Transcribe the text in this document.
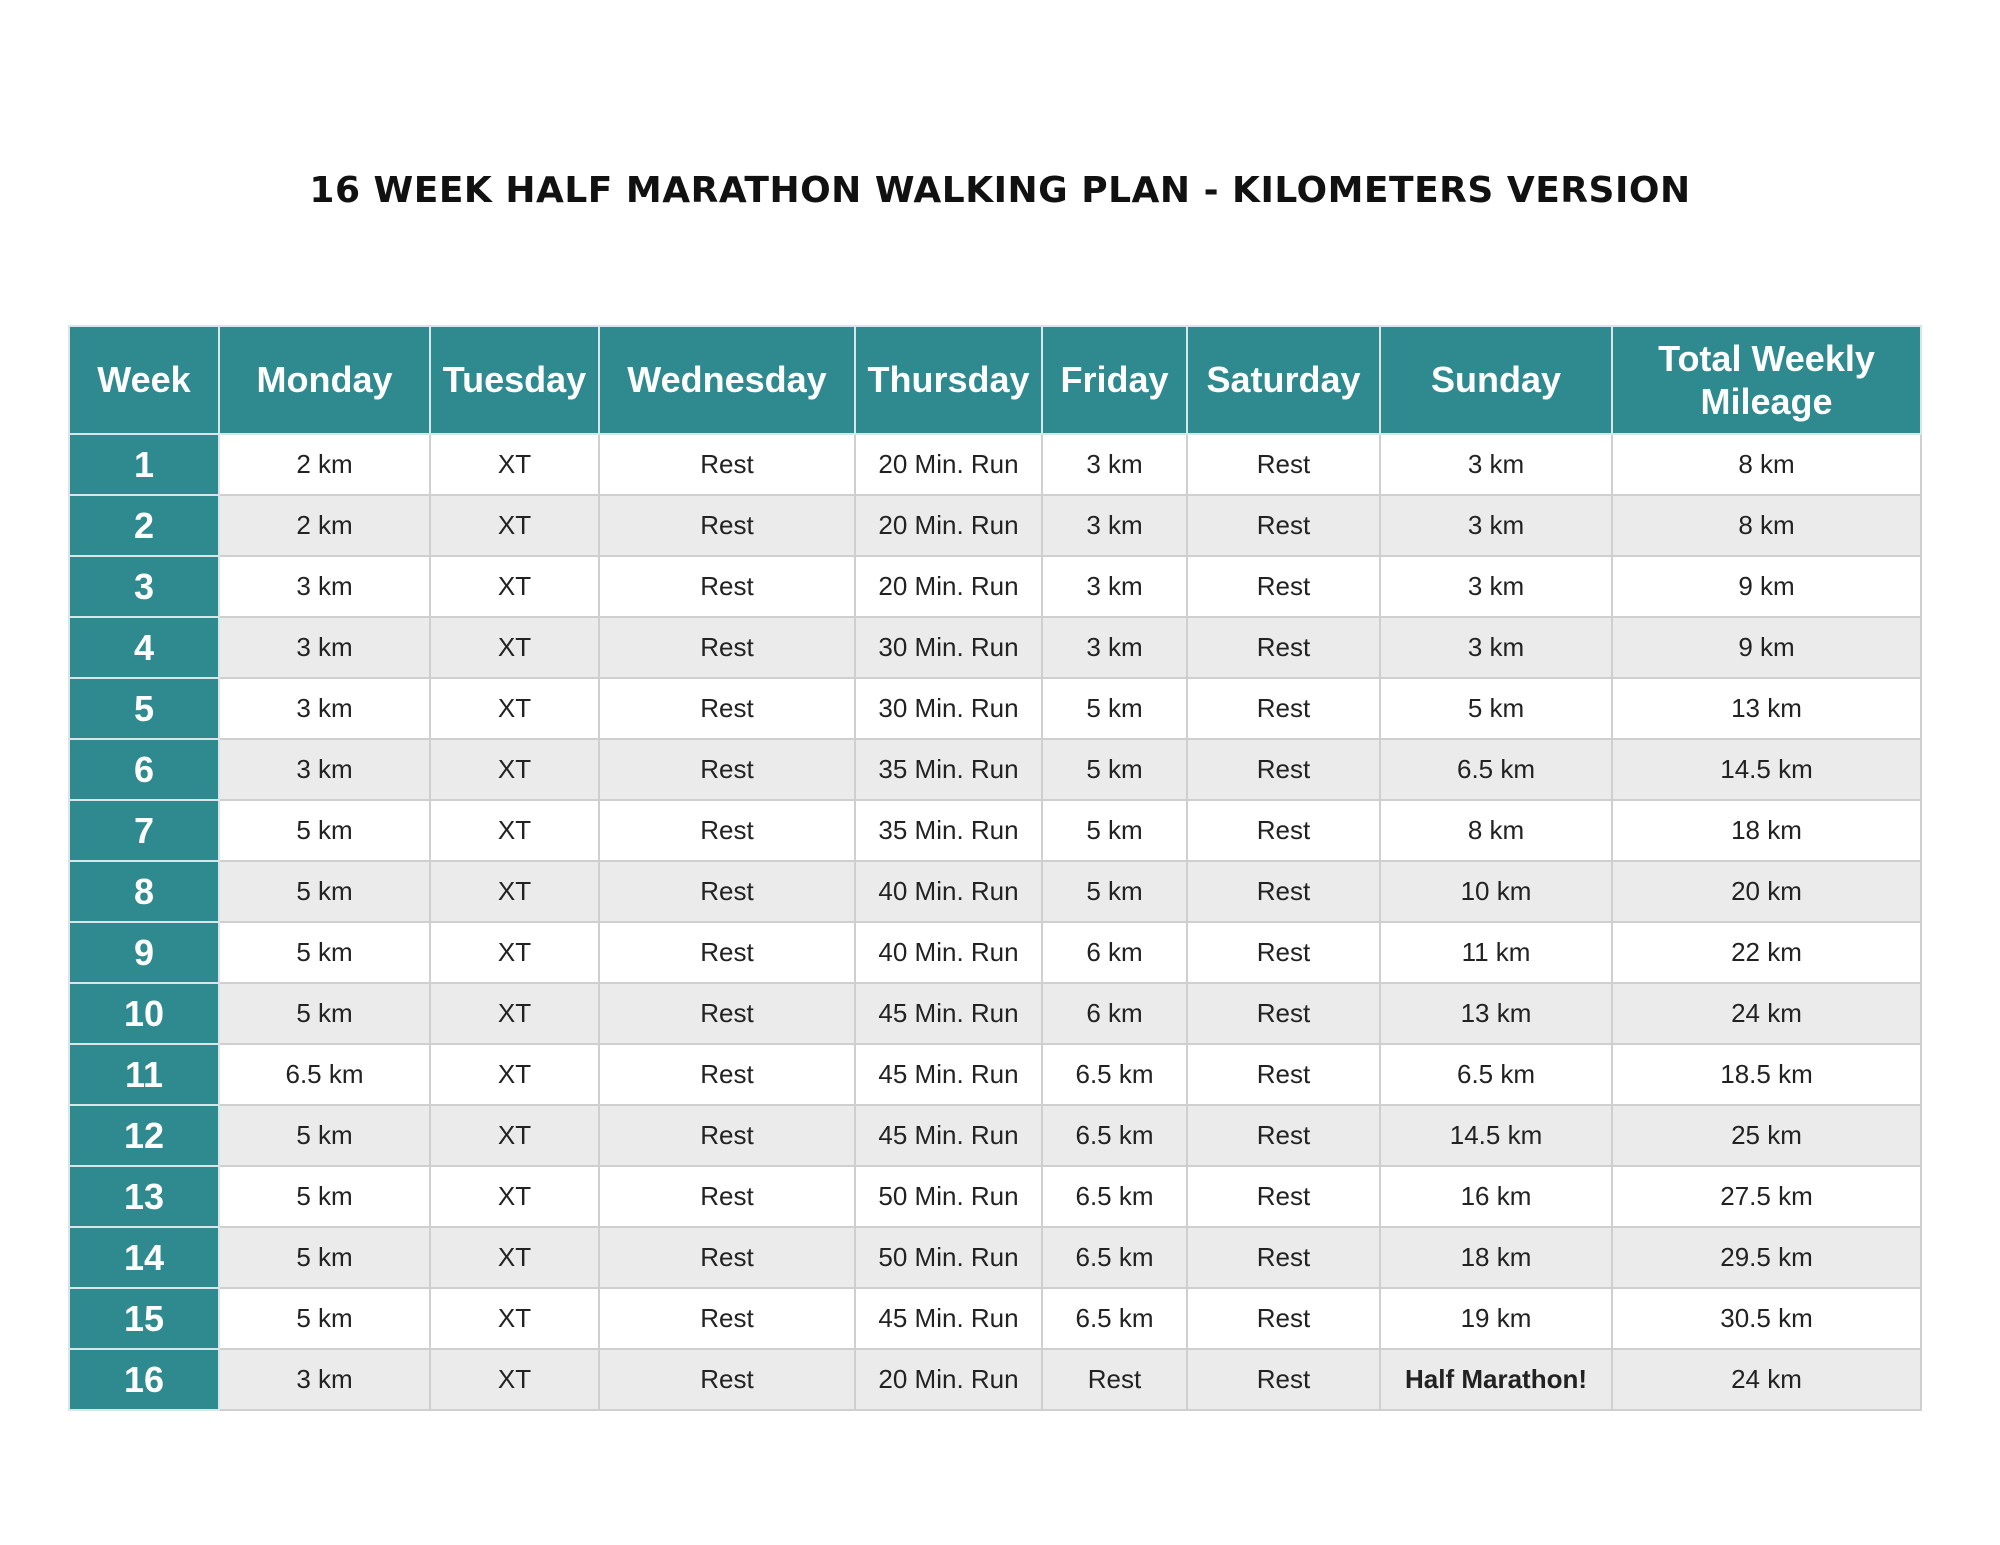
16 WEEK HALF MARATHON WALKING PLAN - KILOMETERS VERSION
Week	Monday	Tuesday	Wednesday	Thursday	Friday	Saturday	Sunday	Total Weekly Mileage
1	2 km	XT	Rest	20 Min. Run	3 km	Rest	3 km	8 km
2	2 km	XT	Rest	20 Min. Run	3 km	Rest	3 km	8 km
3	3 km	XT	Rest	20 Min. Run	3 km	Rest	3 km	9 km
4	3 km	XT	Rest	30 Min. Run	3 km	Rest	3 km	9 km
5	3 km	XT	Rest	30 Min. Run	5 km	Rest	5 km	13 km
6	3 km	XT	Rest	35 Min. Run	5 km	Rest	6.5 km	14.5 km
7	5 km	XT	Rest	35 Min. Run	5 km	Rest	8 km	18 km
8	5 km	XT	Rest	40 Min. Run	5 km	Rest	10 km	20 km
9	5 km	XT	Rest	40 Min. Run	6 km	Rest	11 km	22 km
10	5 km	XT	Rest	45 Min. Run	6 km	Rest	13 km	24 km
11	6.5 km	XT	Rest	45 Min. Run	6.5 km	Rest	6.5 km	18.5 km
12	5 km	XT	Rest	45 Min. Run	6.5 km	Rest	14.5 km	25 km
13	5 km	XT	Rest	50 Min. Run	6.5 km	Rest	16 km	27.5 km
14	5 km	XT	Rest	50 Min. Run	6.5 km	Rest	18 km	29.5 km
15	5 km	XT	Rest	45 Min. Run	6.5 km	Rest	19 km	30.5 km
16	3 km	XT	Rest	20 Min. Run	Rest	Rest	Half Marathon!	24 km
